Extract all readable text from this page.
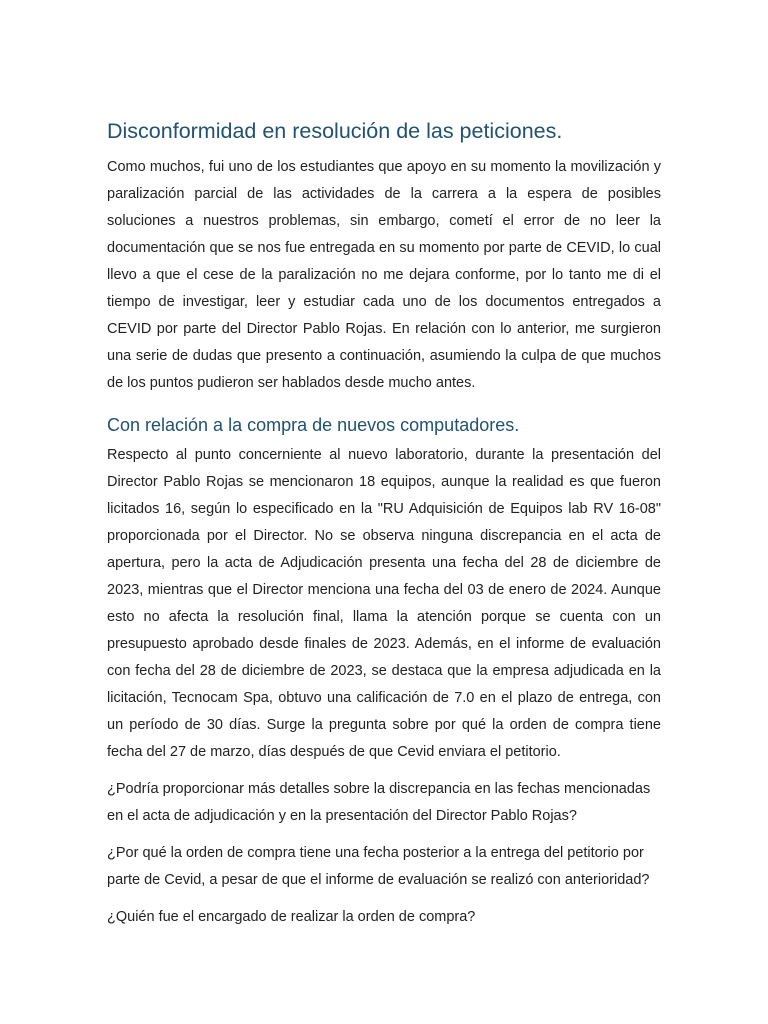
Disconformidad en resolución de las peticiones.

Como muchos, fui uno de los estudiantes que apoyo en su momento la movilización y paralización parcial de las actividades de la carrera a la espera de posibles soluciones a nuestros problemas, sin embargo, cometí el error de no leer la documentación que se nos fue entregada en su momento por parte de CEVID, lo cual llevo a que el cese de la paralización no me dejara conforme, por lo tanto me di el tiempo de investigar, leer y estudiar cada uno de los documentos entregados a CEVID por parte del Director Pablo Rojas. En relación con lo anterior, me surgieron una serie de dudas que presento a continuación, asumiendo la culpa de que muchos de los puntos pudieron ser hablados desde mucho antes.

Con relación a la compra de nuevos computadores.

Respecto al punto concerniente al nuevo laboratorio, durante la presentación del Director Pablo Rojas se mencionaron 18 equipos, aunque la realidad es que fueron licitados 16, según lo especificado en la "RU Adquisición de Equipos lab RV 16-08" proporcionada por el Director. No se observa ninguna discrepancia en el acta de apertura, pero la acta de Adjudicación presenta una fecha del 28 de diciembre de 2023, mientras que el Director menciona una fecha del 03 de enero de 2024. Aunque esto no afecta la resolución final, llama la atención porque se cuenta con un presupuesto aprobado desde finales de 2023. Además, en el informe de evaluación con fecha del 28 de diciembre de 2023, se destaca que la empresa adjudicada en la licitación, Tecnocam Spa, obtuvo una calificación de 7.0 en el plazo de entrega, con un período de 30 días. Surge la pregunta sobre por qué la orden de compra tiene fecha del 27 de marzo, días después de que Cevid enviara el petitorio.

¿Podría proporcionar más detalles sobre la discrepancia en las fechas mencionadas en el acta de adjudicación y en la presentación del Director Pablo Rojas?

¿Por qué la orden de compra tiene una fecha posterior a la entrega del petitorio por parte de Cevid, a pesar de que el informe de evaluación se realizó con anterioridad?

¿Quién fue el encargado de realizar la orden de compra?
